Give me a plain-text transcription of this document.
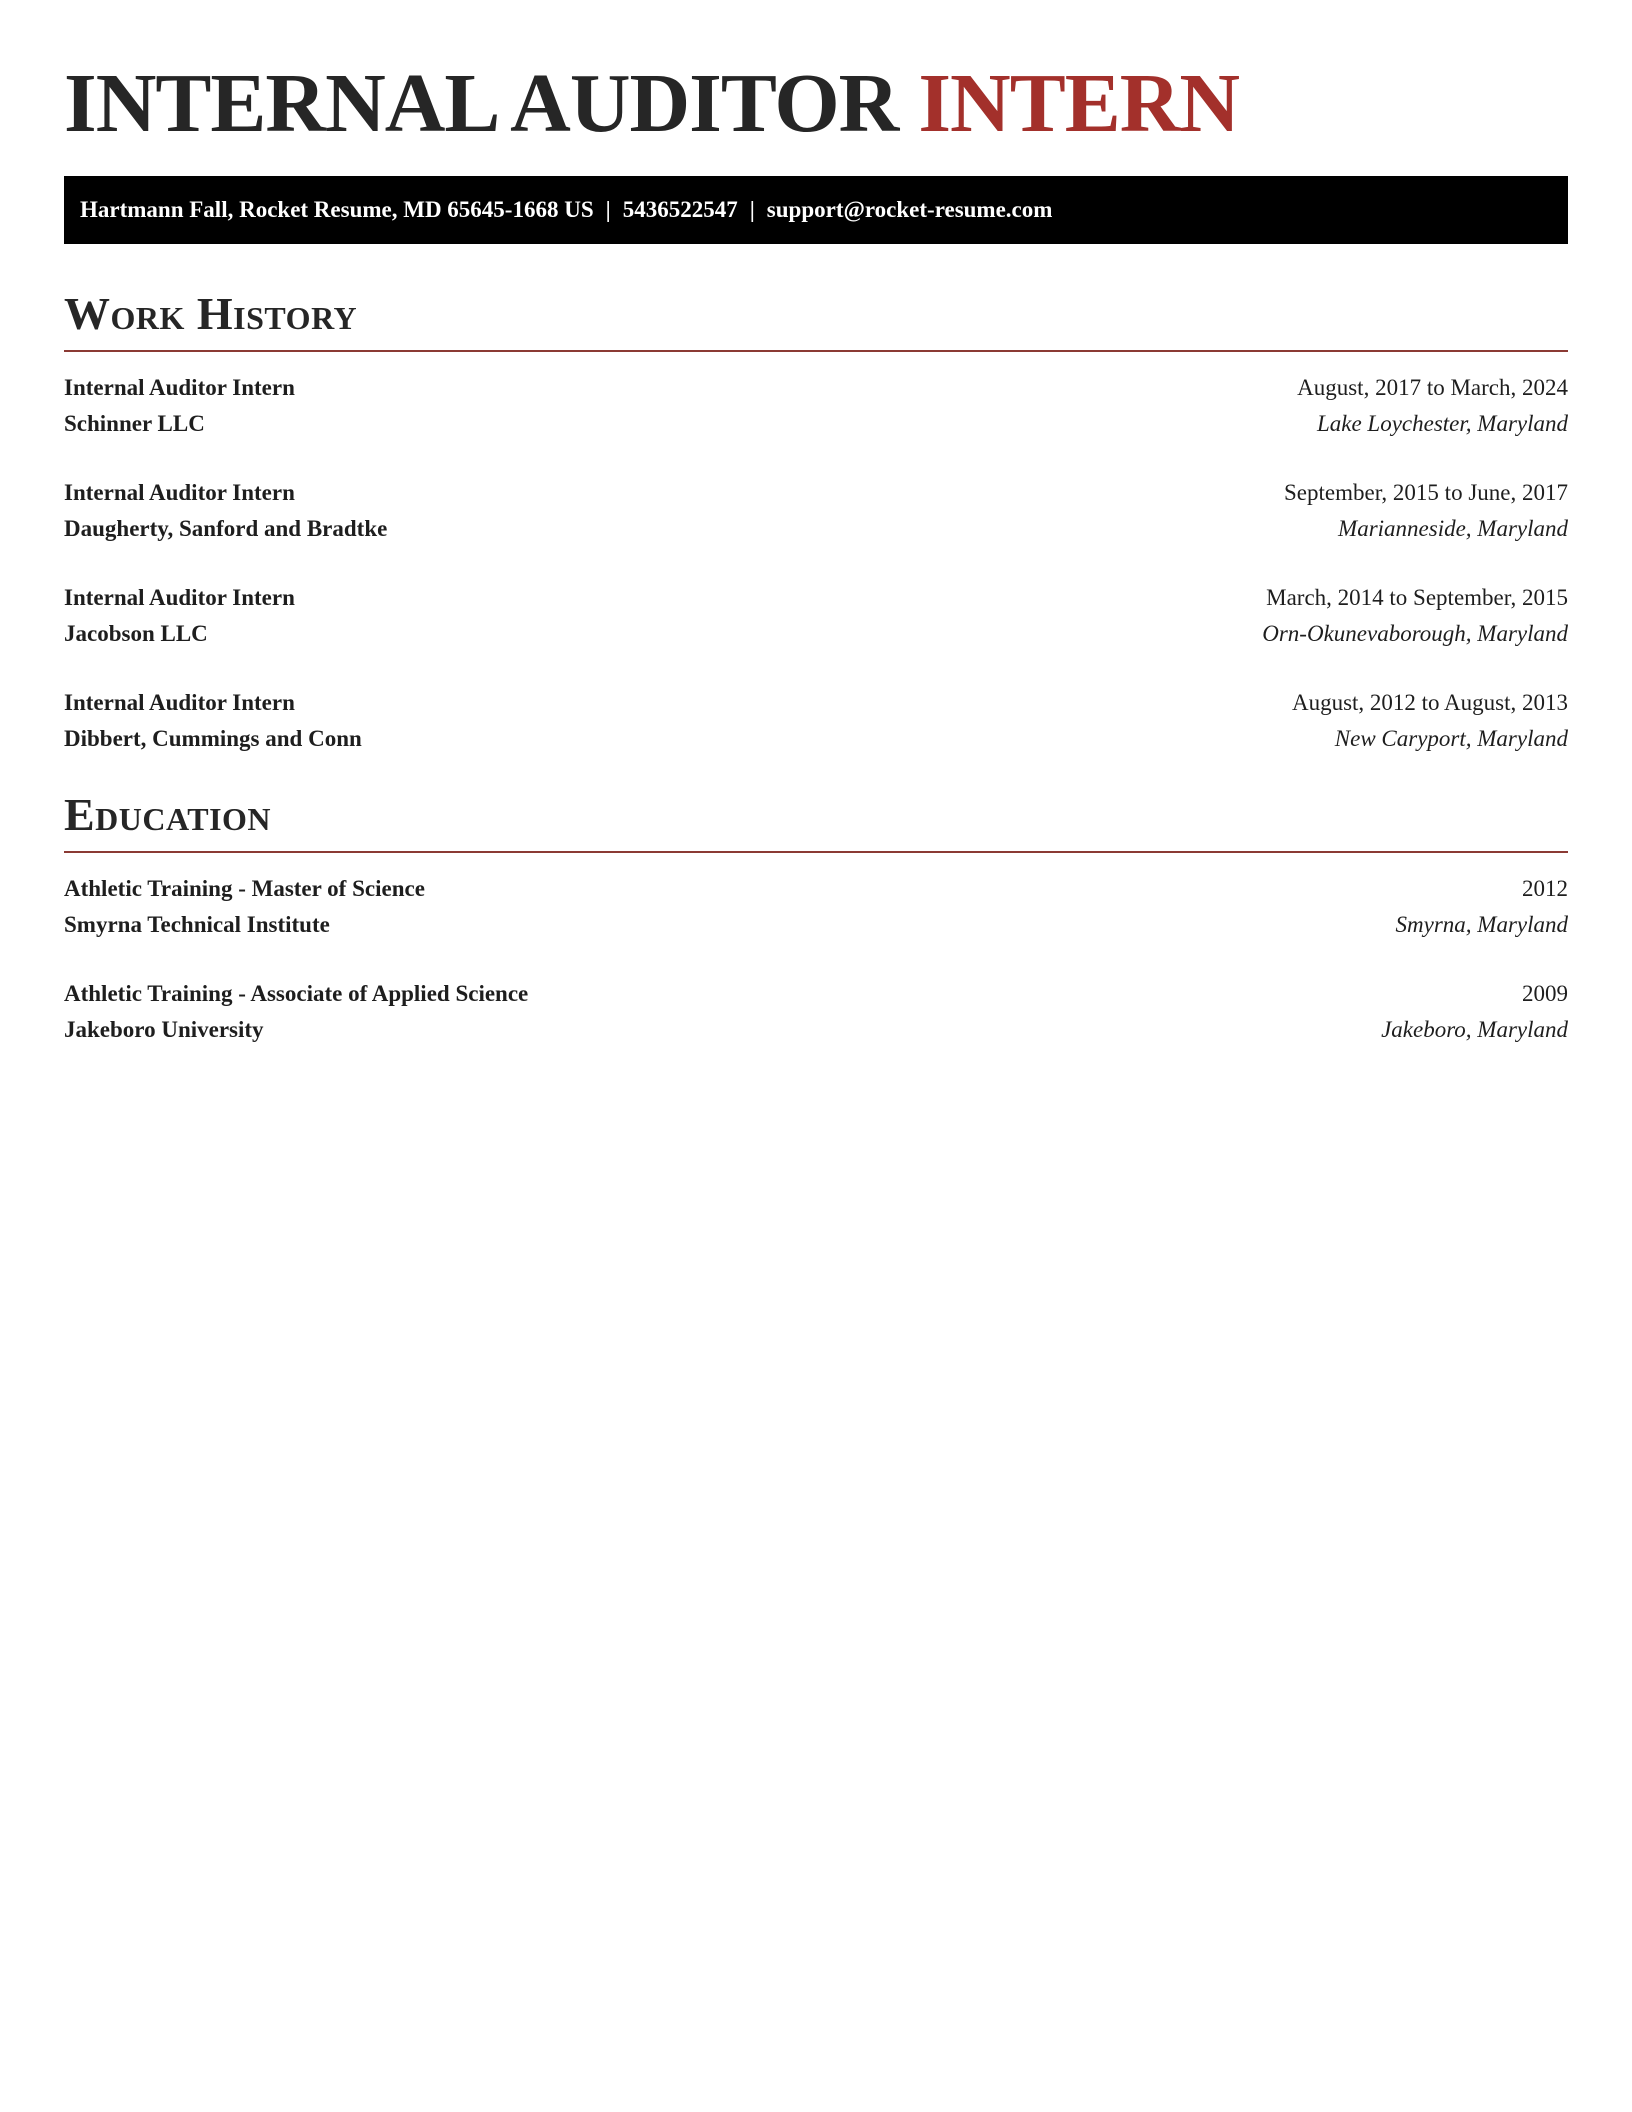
INTERNAL AUDITOR INTERN
Hartmann Fall, Rocket Resume, MD 65645-1668 US | 5436522547 | support@rocket-resume.com
Work History
Internal Auditor Intern	August, 2017 to March, 2024
Schinner LLC	Lake Loychester, Maryland
Internal Auditor Intern	September, 2015 to June, 2017
Daugherty, Sanford and Bradtke	Marianneside, Maryland
Internal Auditor Intern	March, 2014 to September, 2015
Jacobson LLC	Orn-Okunevaborough, Maryland
Internal Auditor Intern	August, 2012 to August, 2013
Dibbert, Cummings and Conn	New Caryport, Maryland
Education
Athletic Training - Master of Science	2012
Smyrna Technical Institute	Smyrna, Maryland
Athletic Training - Associate of Applied Science	2009
Jakeboro University	Jakeboro, Maryland
